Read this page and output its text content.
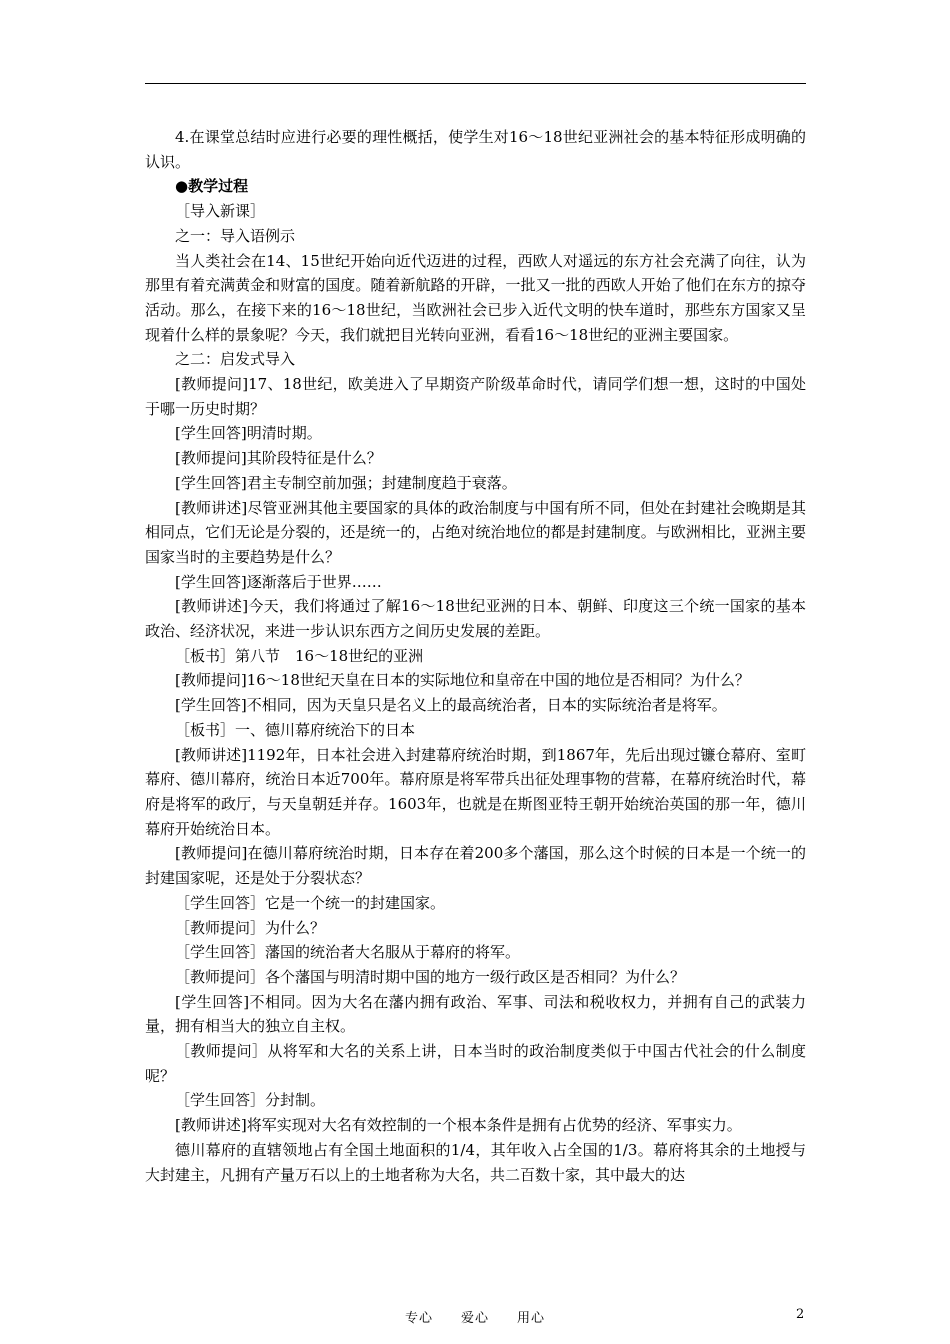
4.在课堂总结时应进行必要的理性概括，使学生对16～18世纪亚洲社会的基本特征形成明确的认识。

●教学过程

［导入新课］

之一：导入语例示

当人类社会在14、15世纪开始向近代迈进的过程，西欧人对遥远的东方社会充满了向往，认为那里有着充满黄金和财富的国度。随着新航路的开辟，一批又一批的西欧人开始了他们在东方的掠夺活动。那么，在接下来的16～18世纪，当欧洲社会已步入近代文明的快车道时，那些东方国家又呈现着什么样的景象呢？今天，我们就把目光转向亚洲，看看16～18世纪的亚洲主要国家。

之二：启发式导入

[教师提问]17、18世纪，欧美进入了早期资产阶级革命时代，请同学们想一想，这时的中国处于哪一历史时期？

[学生回答]明清时期。

[教师提问]其阶段特征是什么？

[学生回答]君主专制空前加强；封建制度趋于衰落。

[教师讲述]尽管亚洲其他主要国家的具体的政治制度与中国有所不同，但处在封建社会晚期是其相同点，它们无论是分裂的，还是统一的，占绝对统治地位的都是封建制度。与欧洲相比，亚洲主要国家当时的主要趋势是什么？

[学生回答]逐渐落后于世界……

[教师讲述]今天，我们将通过了解16～18世纪亚洲的日本、朝鲜、印度这三个统一国家的基本政治、经济状况，来进一步认识东西方之间历史发展的差距。

［板书］第八节　16～18世纪的亚洲

[教师提问]16～18世纪天皇在日本的实际地位和皇帝在中国的地位是否相同？为什么？

[学生回答]不相同，因为天皇只是名义上的最高统治者，日本的实际统治者是将军。

［板书］一、德川幕府统治下的日本

[教师讲述]1192年，日本社会进入封建幕府统治时期，到1867年，先后出现过镰仓幕府、室町幕府、德川幕府，统治日本近700年。幕府原是将军带兵出征处理事物的营幕，在幕府统治时代，幕府是将军的政厅，与天皇朝廷并存。1603年，也就是在斯图亚特王朝开始统治英国的那一年，德川幕府开始统治日本。

[教师提问]在德川幕府统治时期，日本存在着200多个藩国，那么这个时候的日本是一个统一的封建国家呢，还是处于分裂状态？

［学生回答］它是一个统一的封建国家。

［教师提问］为什么？

［学生回答］藩国的统治者大名服从于幕府的将军。

［教师提问］各个藩国与明清时期中国的地方一级行政区是否相同？为什么？

[学生回答]不相同。因为大名在藩内拥有政治、军事、司法和税收权力，并拥有自己的武装力量，拥有相当大的独立自主权。

［教师提问］从将军和大名的关系上讲，日本当时的政治制度类似于中国古代社会的什么制度呢？

［学生回答］分封制。

[教师讲述]将军实现对大名有效控制的一个根本条件是拥有占优势的经济、军事实力。

德川幕府的直辖领地占有全国土地面积的1/4，其年收入占全国的1/3。幕府将其余的土地授与大封建主，凡拥有产量万石以上的土地者称为大名，共二百数十家，其中最大的达

专心　　爱心　　用心	2
